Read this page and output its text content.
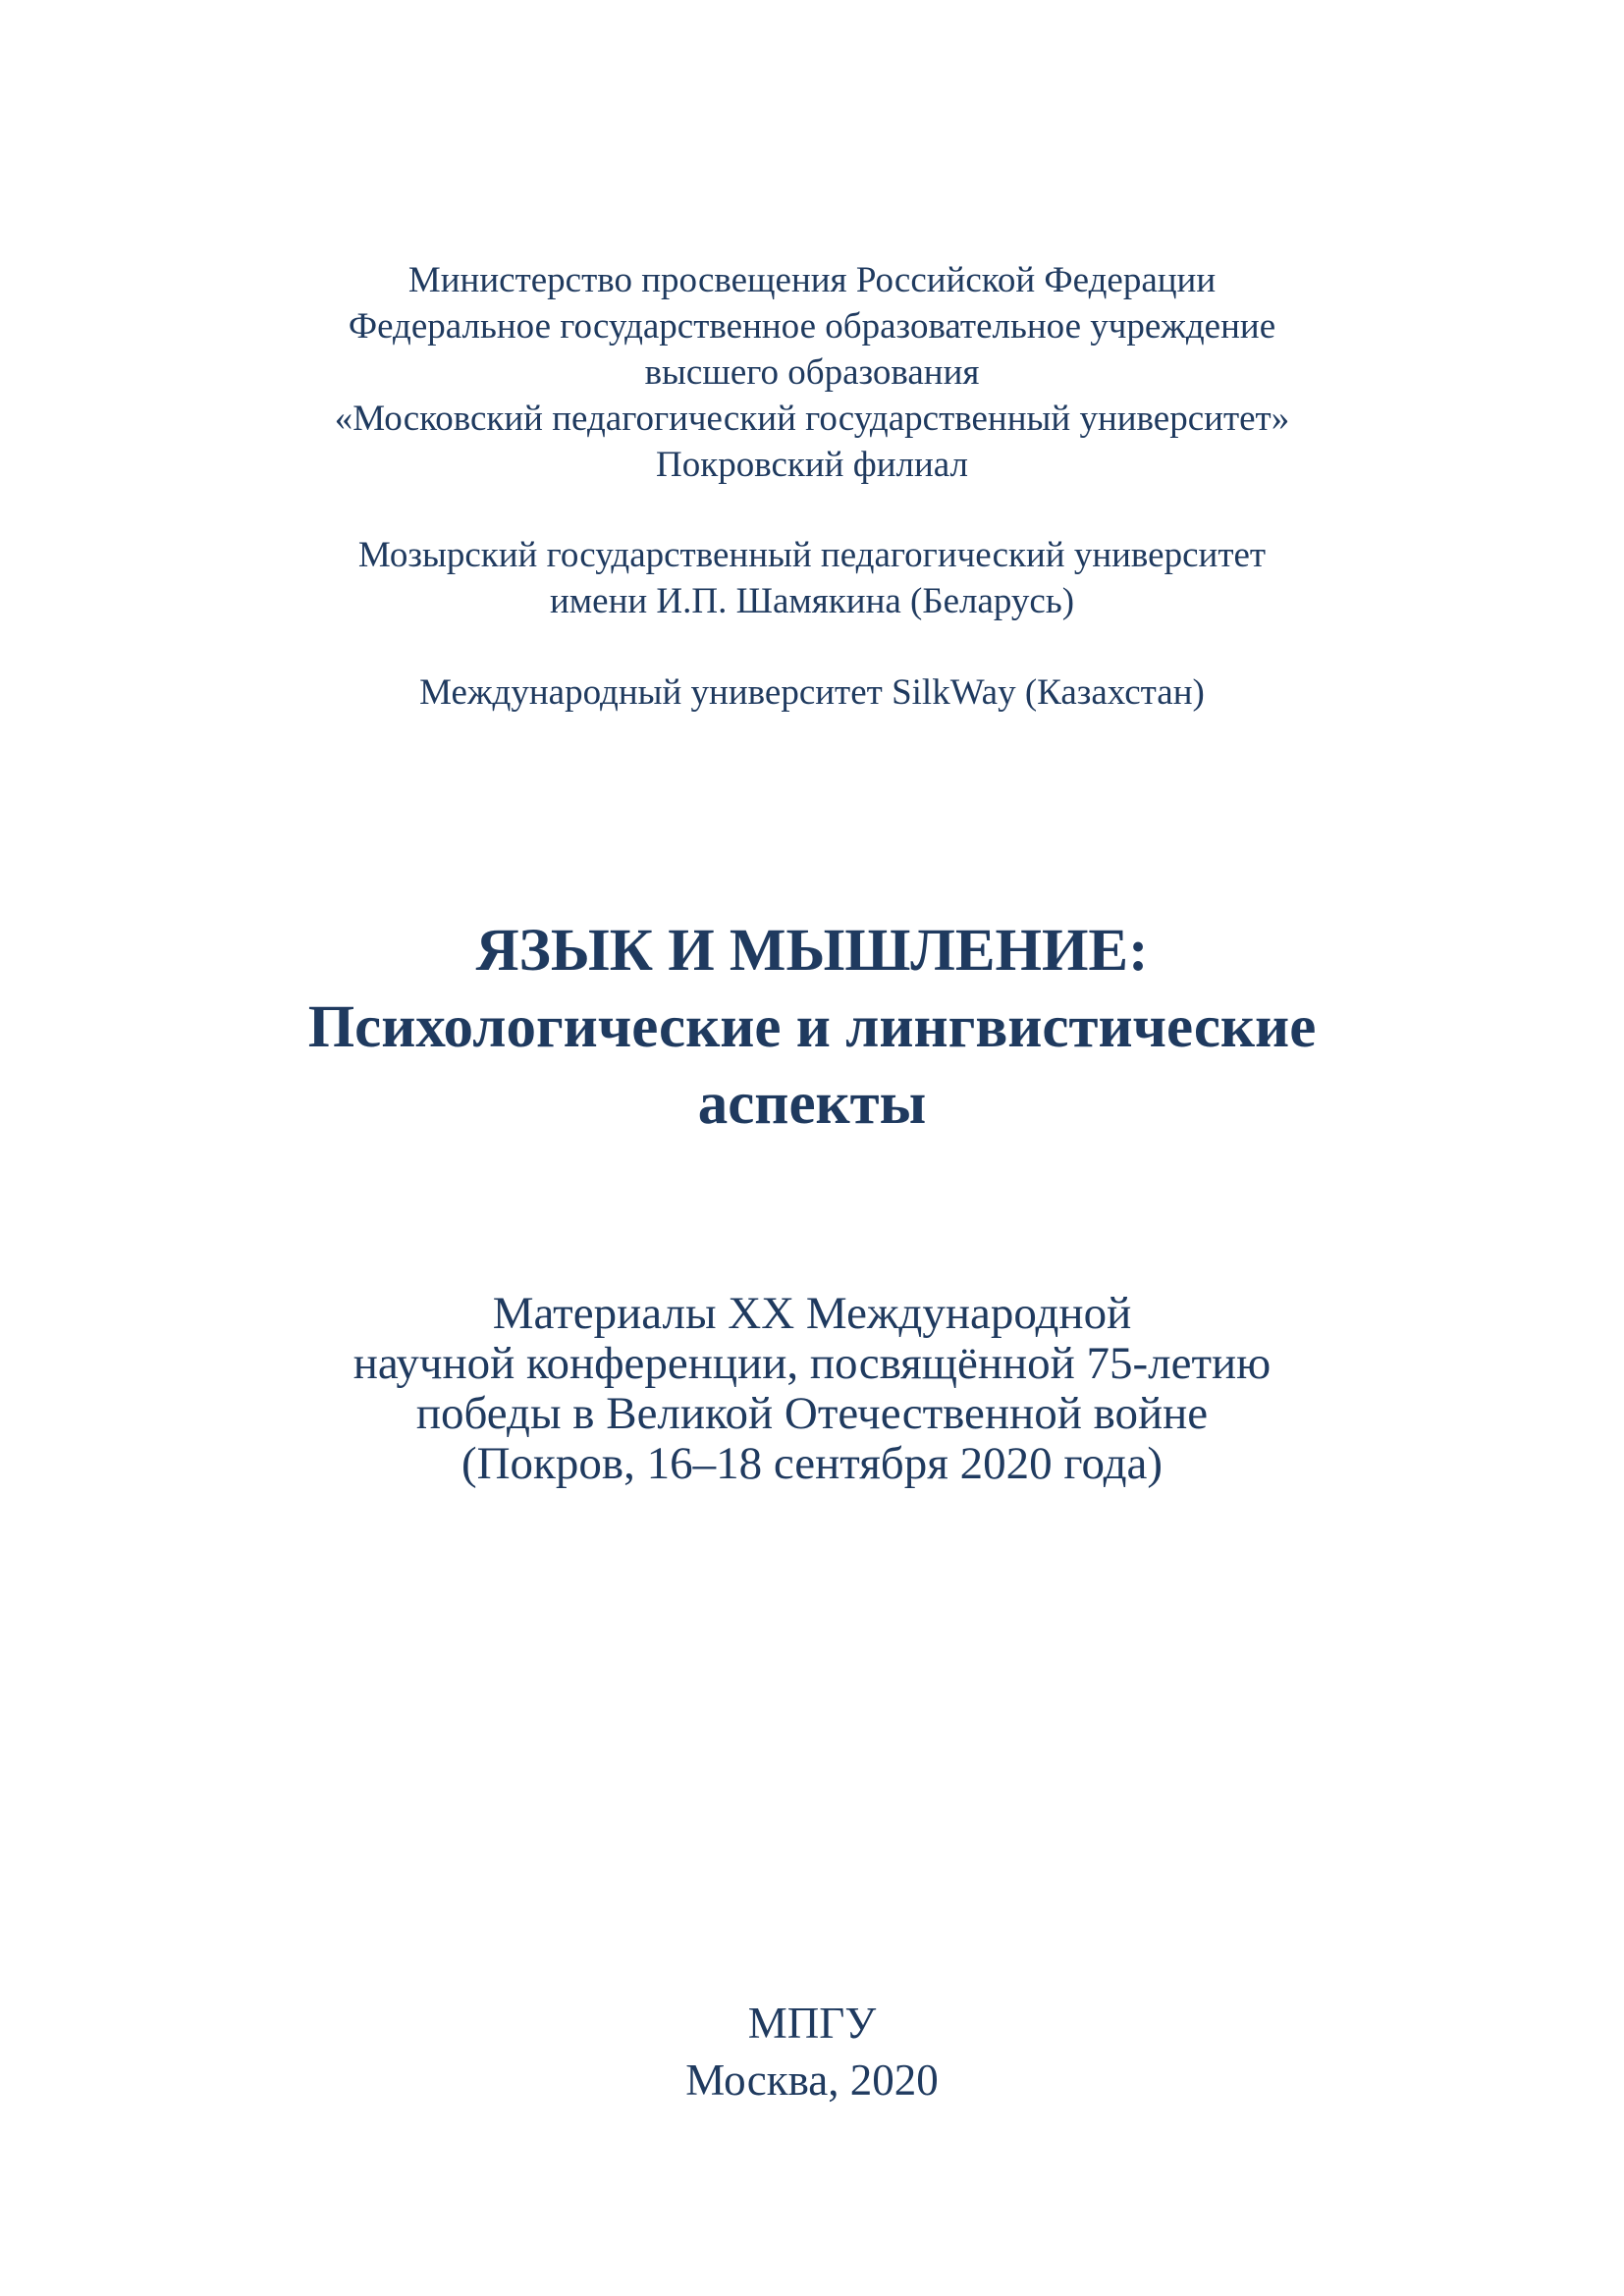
Министерство просвещения Российской Федерации
Федеральное государственное образовательное учреждение
высшего образования
«Московский педагогический государственный университет»
Покровский филиал
Мозырский государственный педагогический университет
имени И.П. Шамякина (Беларусь)
Международный университет SilkWay (Казахстан)
ЯЗЫК И МЫШЛЕНИЕ:
Психологические и лингвистические
аспекты
Материалы XX Международной
научной конференции, посвящённой 75-летию
победы в Великой Отечественной войне
(Покров, 16–18 сентября 2020 года)
МПГУ
Москва, 2020
